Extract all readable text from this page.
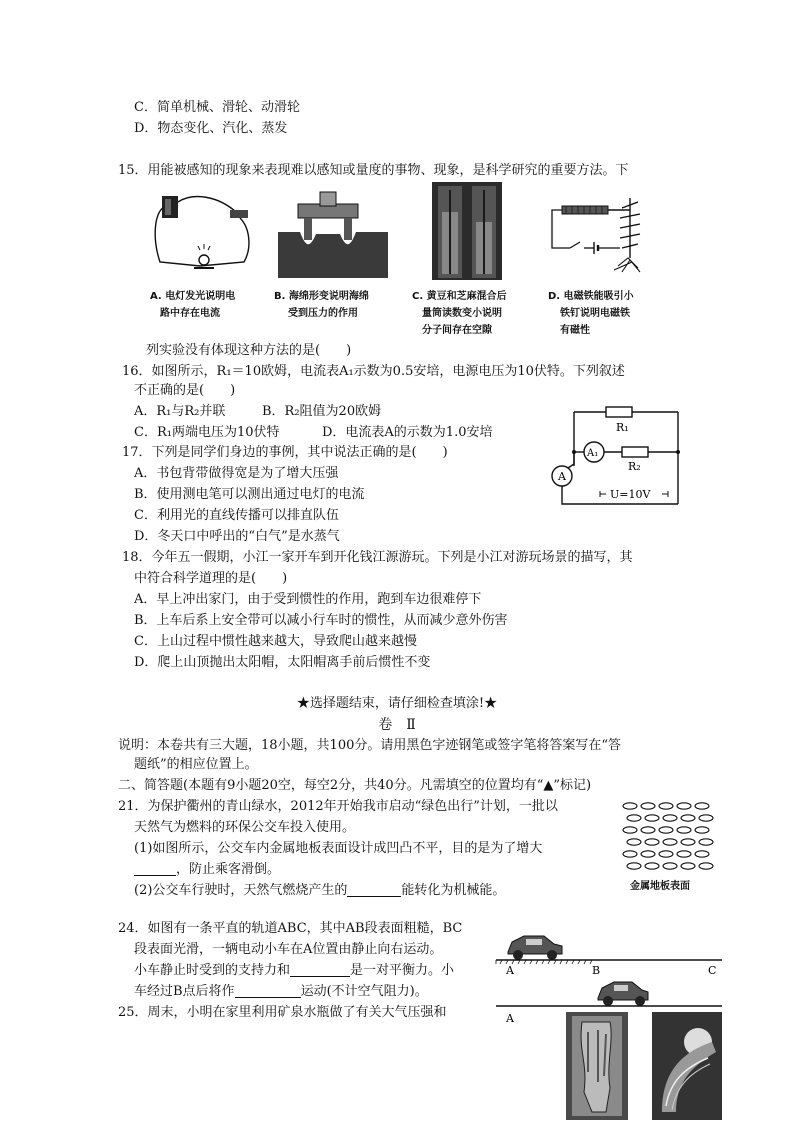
C．简单机械、滑轮、动滑轮
D．物态变化、汽化、蒸发
15．用能被感知的现象来表现难以感知或量度的事物、现象，是科学研究的重要方法。下
A. 电灯发光说明电
路中存在电流
B. 海绵形变说明海绵
受到压力的作用
C. 黄豆和芝麻混合后
量筒读数变小说明
分子间存在空隙
D. 电磁铁能吸引小
铁钉说明电磁铁
有磁性
列实验没有体现这种方法的是(　　)
16．如图所示，R₁＝10欧姆，电流表A₁示数为0.5安培，电源电压为10伏特。下列叙述
不正确的是(　　)
A．R₁与R₂并联	B．R₂阻值为20欧姆
C．R₁两端电压为10伏特	D．电流表A的示数为1.0安培	R₁
A₁
R₂
A
U=10V
17．下列是同学们身边的事例，其中说法正确的是(　　)
A．书包背带做得宽是为了增大压强
B．使用测电笔可以测出通过电灯的电流
C．利用光的直线传播可以排直队伍
D．冬天口中呼出的“白气”是水蒸气
18．今年五一假期，小江一家开车到开化钱江源游玩。下列是小江对游玩场景的描写，其
中符合科学道理的是(　　)
A．早上冲出家门，由于受到惯性的作用，跑到车边很难停下
B．上车后系上安全带可以减小行车时的惯性，从而减少意外伤害
C．上山过程中惯性越来越大，导致爬山越来越慢
D．爬上山顶抛出太阳帽，太阳帽离手前后惯性不变
★选择题结束，请仔细检查填涂!★
卷　Ⅱ
说明：本卷共有三大题，18小题，共100分。请用黑色字迹钢笔或签字笔将答案写在“答
题纸”的相应位置上。
二、简答题(本题有9小题20空，每空2分，共40分。凡需填空的位置均有“▲”标记)
21．为保护衢州的青山绿水，2012年开始我市启动“绿色出行”计划，一批以
天然气为燃料的环保公交车投入使用。
(1)如图所示，公交车内金属地板表面设计成凹凸不平，目的是为了增大
，防止乘客滑倒。
(2)公交车行驶时，天然气燃烧产生的	能转化为机械能。	金属地板表面
24．如图有一条平直的轨道ABC，其中AB段表面粗糙，BC
段表面光滑，一辆电动小车在A位置由静止向右运动。
小车静止时受到的支持力和	是一对平衡力。小
车经过B点后将作	运动(不计空气阻力)。
A	B	C
A
25．周末，小明在家里利用矿泉水瓶做了有关大气压强和
